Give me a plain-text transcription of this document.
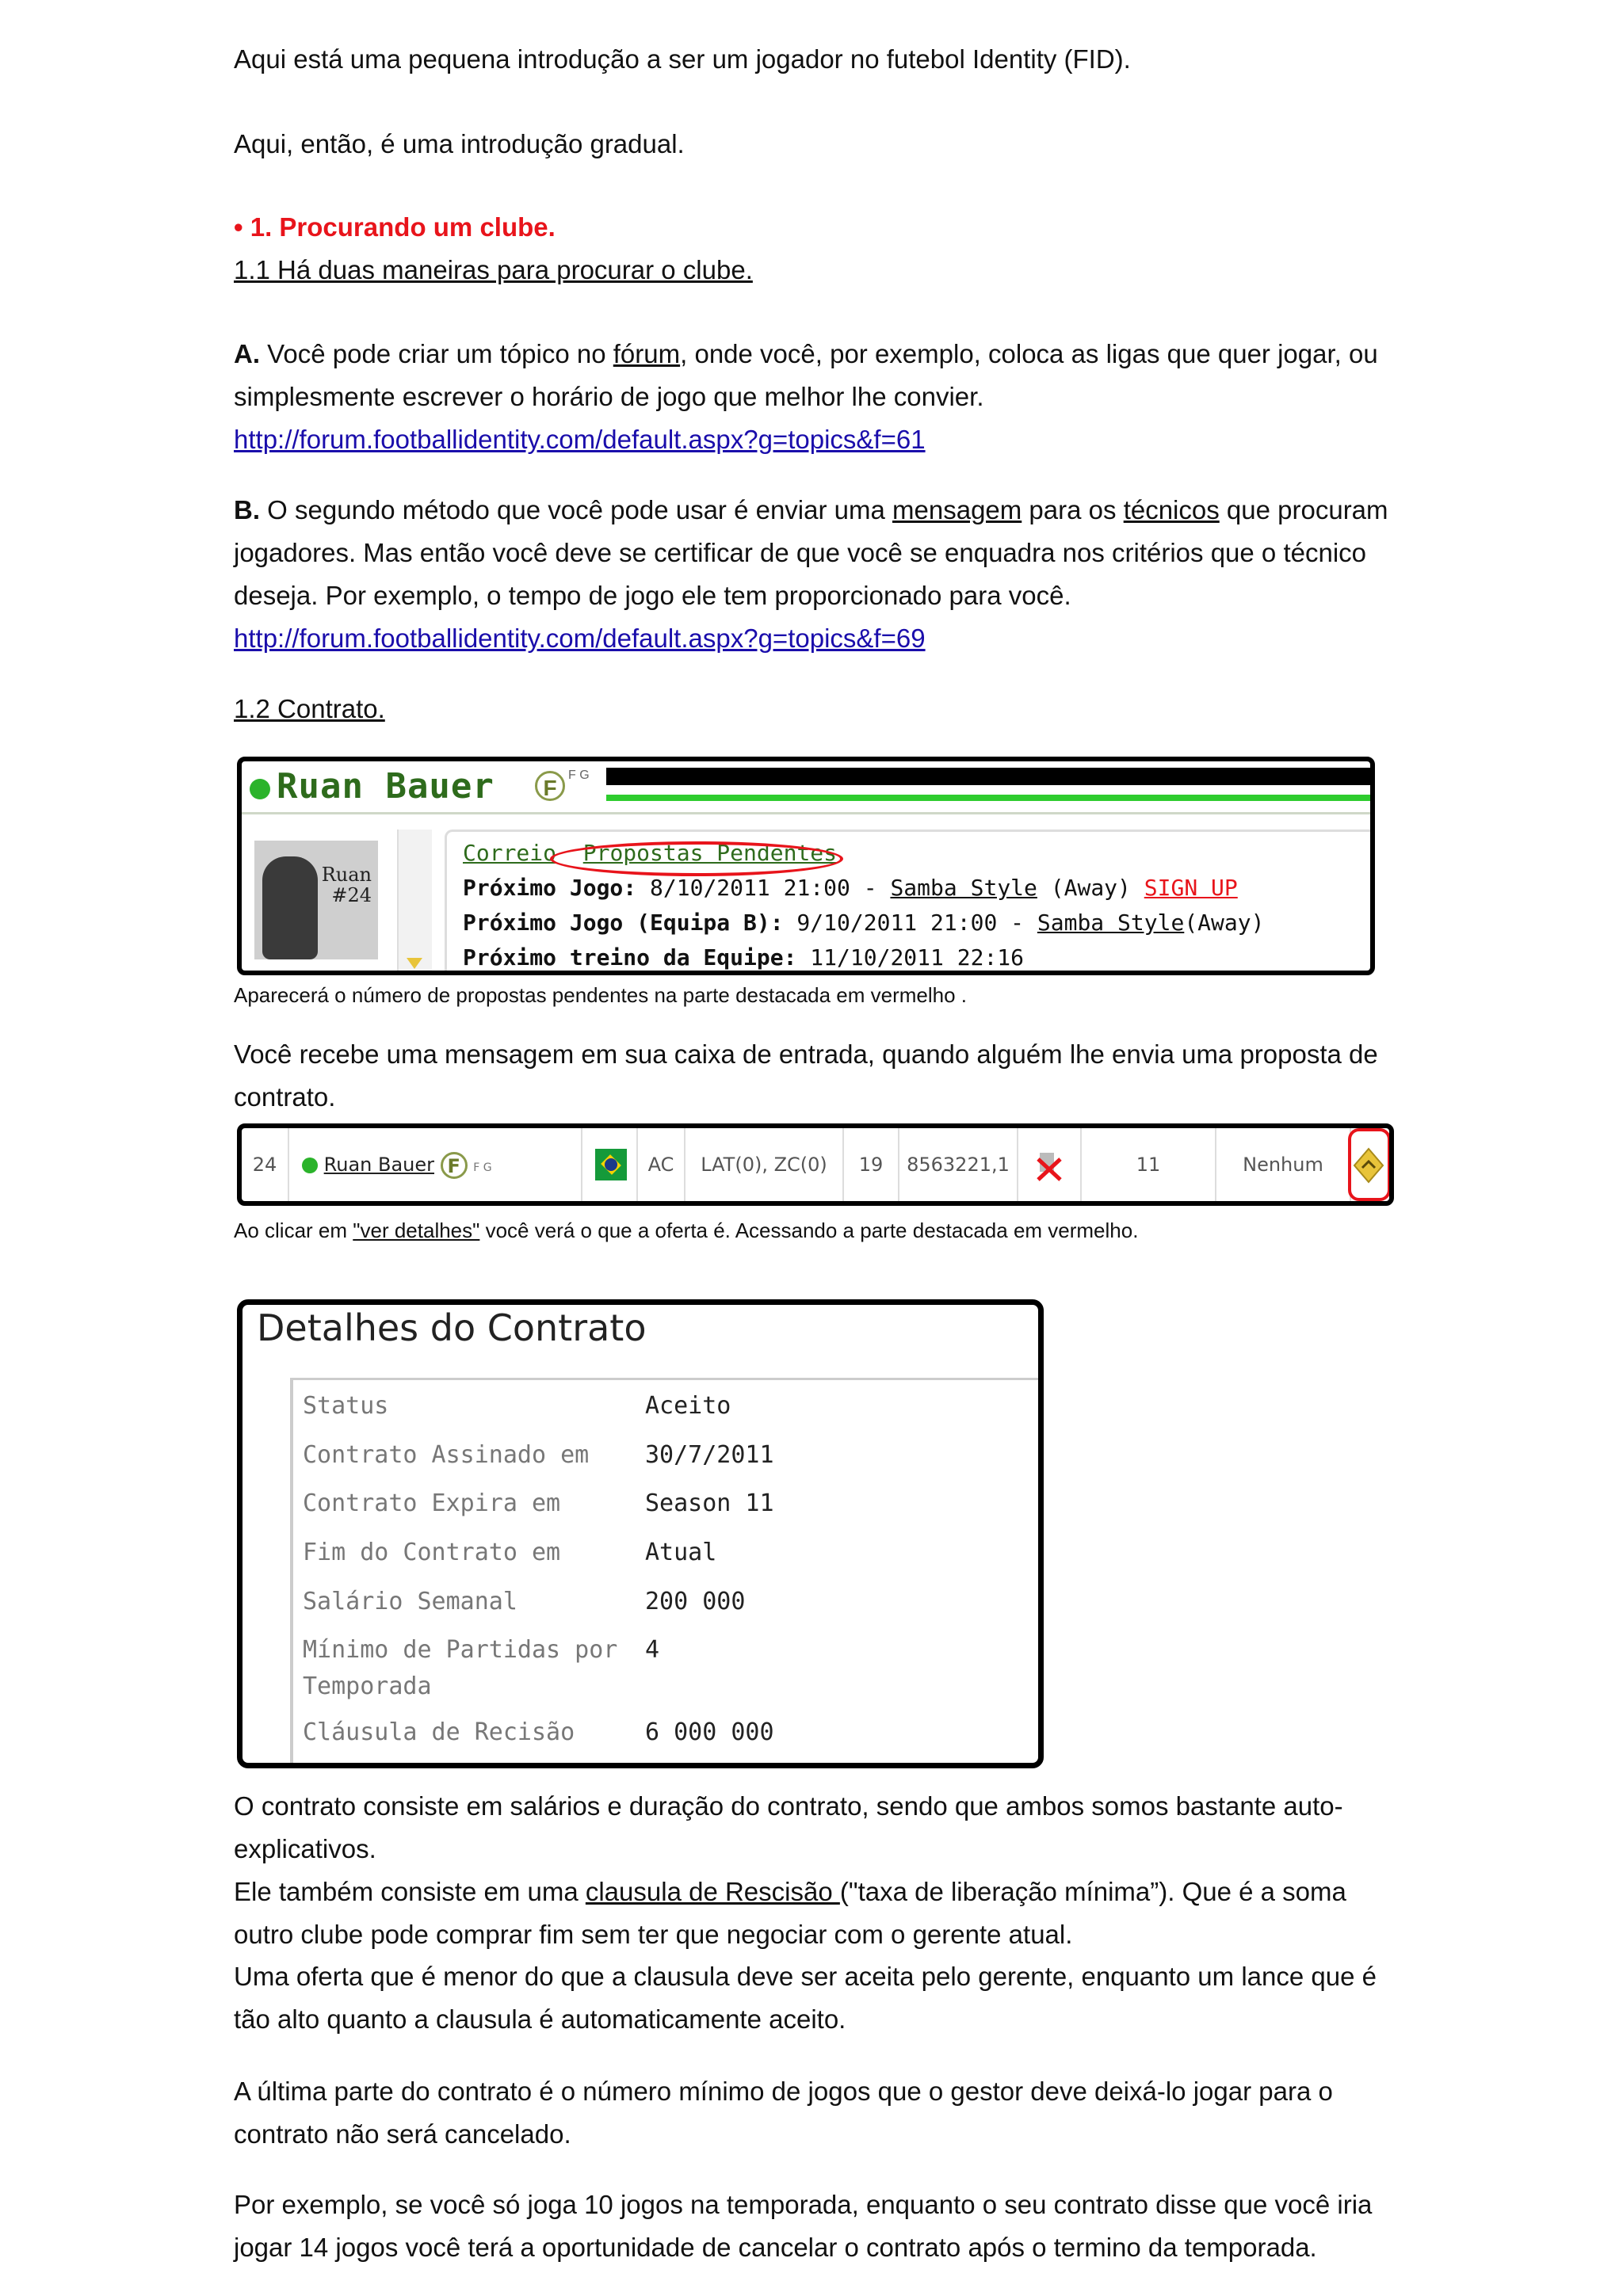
Aqui está uma pequena introdução a ser um jogador no futebol Identity (FID).

Aqui, então, é uma introdução gradual.

• 1. Procurando um clube.

1.1 Há duas maneiras para procurar o clube.

A. Você pode criar um tópico no fórum, onde você, por exemplo, coloca as ligas que quer jogar, ou simplesmente escrever o horário de jogo que melhor lhe convier.
http://forum.footballidentity.com/default.aspx?g=topics&f=61

B. O segundo método que você pode usar é enviar uma mensagem para os técnicos que procuram jogadores. Mas então você deve se certificar de que você se enquadra nos critérios que o técnico deseja. Por exemplo, o tempo de jogo ele tem proporcionado para você.
http://forum.footballidentity.com/default.aspx?g=topics&f=69

1.2 Contrato.

Ruan Bauer	F
F G
Ruan
#24
Correio Propostas Pendentes
Próximo Jogo: 8/10/2011 21:00 - Samba Style (Away) SIGN UP
Próximo Jogo (Equipa B): 9/10/2011 21:00 - Samba Style(Away)
Próximo treino da Equipe: 11/10/2011 22:16

Aparecerá o número de propostas pendentes na parte destacada em vermelho .

Você recebe uma mensagem em sua caixa de entrada, quando alguém lhe envia uma proposta de contrato.

24	Ruan Bauer F F G	AC	LAT(0), ZC(0)	19	8563221,1	11	Nenhum

Ao clicar em "ver detalhes" você verá o que a oferta é. Acessando a parte destacada em vermelho.

Detalhes do Contrato
Status	Aceito
Contrato Assinado em 30/7/2011
Contrato Expira em	Season 11
Fim do Contrato em	Atual
Salário Semanal	200 000
Mínimo de Partidas por 4

Temporada
Cláusula de Recisão	6 000 000

O contrato consiste em salários e duração do contrato, sendo que ambos somos bastante auto-explicativos.

Ele também consiste em uma clausula de Rescisão ("taxa de liberação mínima”). Que é a soma outro clube pode comprar fim sem ter que negociar com o gerente atual.

Uma oferta que é menor do que a clausula deve ser aceita pelo gerente, enquanto um lance que é tão alto quanto a clausula é automaticamente aceito.

A última parte do contrato é o número mínimo de jogos que o gestor deve deixá-lo jogar para o contrato não será cancelado.

Por exemplo, se você só joga 10 jogos na temporada, enquanto o seu contrato disse que você iria jogar 14 jogos você terá a oportunidade de cancelar o contrato após o termino da temporada.
